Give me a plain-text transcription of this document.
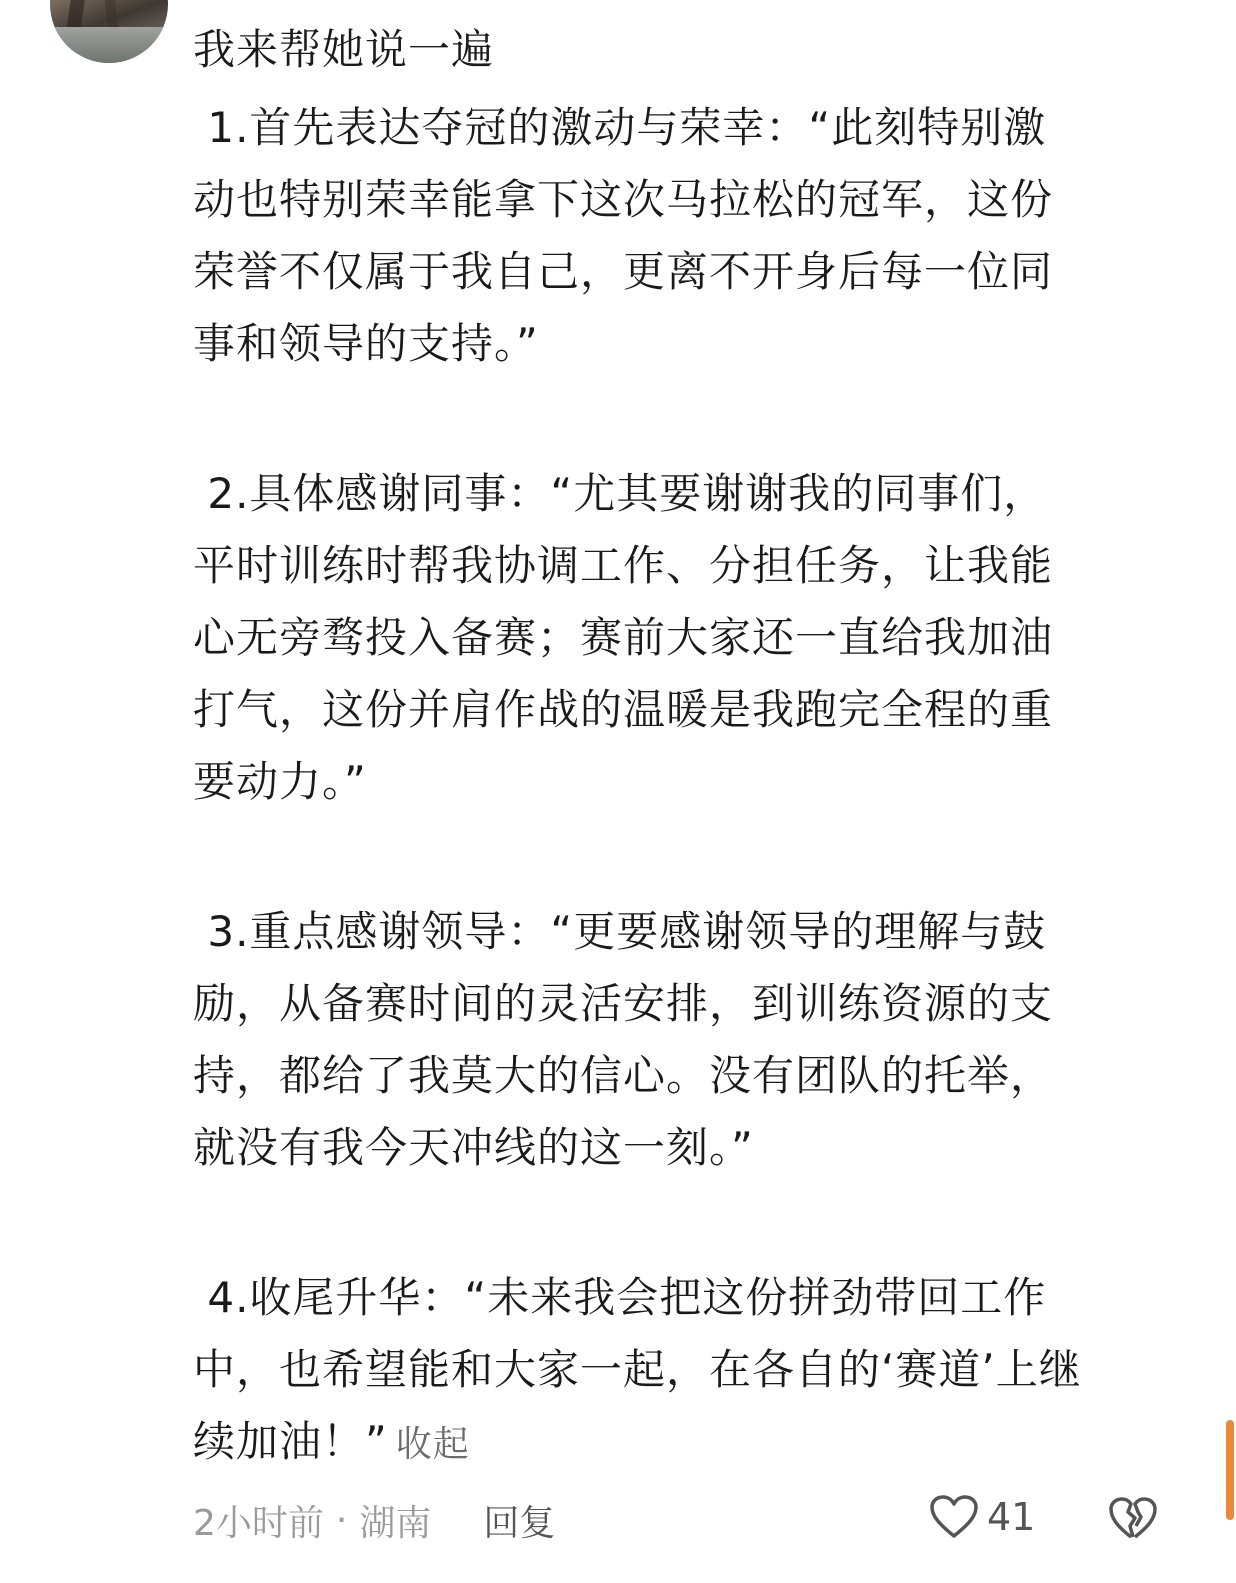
我来帮她说一遍

1.首先表达夺冠的激动与荣幸：“此刻特别激
动也特别荣幸能拿下这次马拉松的冠军，这份
荣誉不仅属于我自己，更离不开身后每一位同
事和领导的支持。”

2.具体感谢同事：“尤其要谢谢我的同事们，
平时训练时帮我协调工作、分担任务，让我能
心无旁骛投入备赛；赛前大家还一直给我加油
打气，这份并肩作战的温暖是我跑完全程的重
要动力。”

3.重点感谢领导：“更要感谢领导的理解与鼓
励，从备赛时间的灵活安排，到训练资源的支
持，都给了我莫大的信心。没有团队的托举，
就没有我今天冲线的这一刻。”

4.收尾升华：“未来我会把这份拼劲带回工作
中，也希望能和大家一起，在各自的‘赛道’上继
续加油！” 收起

2小时前 · 湖南 回复	41
